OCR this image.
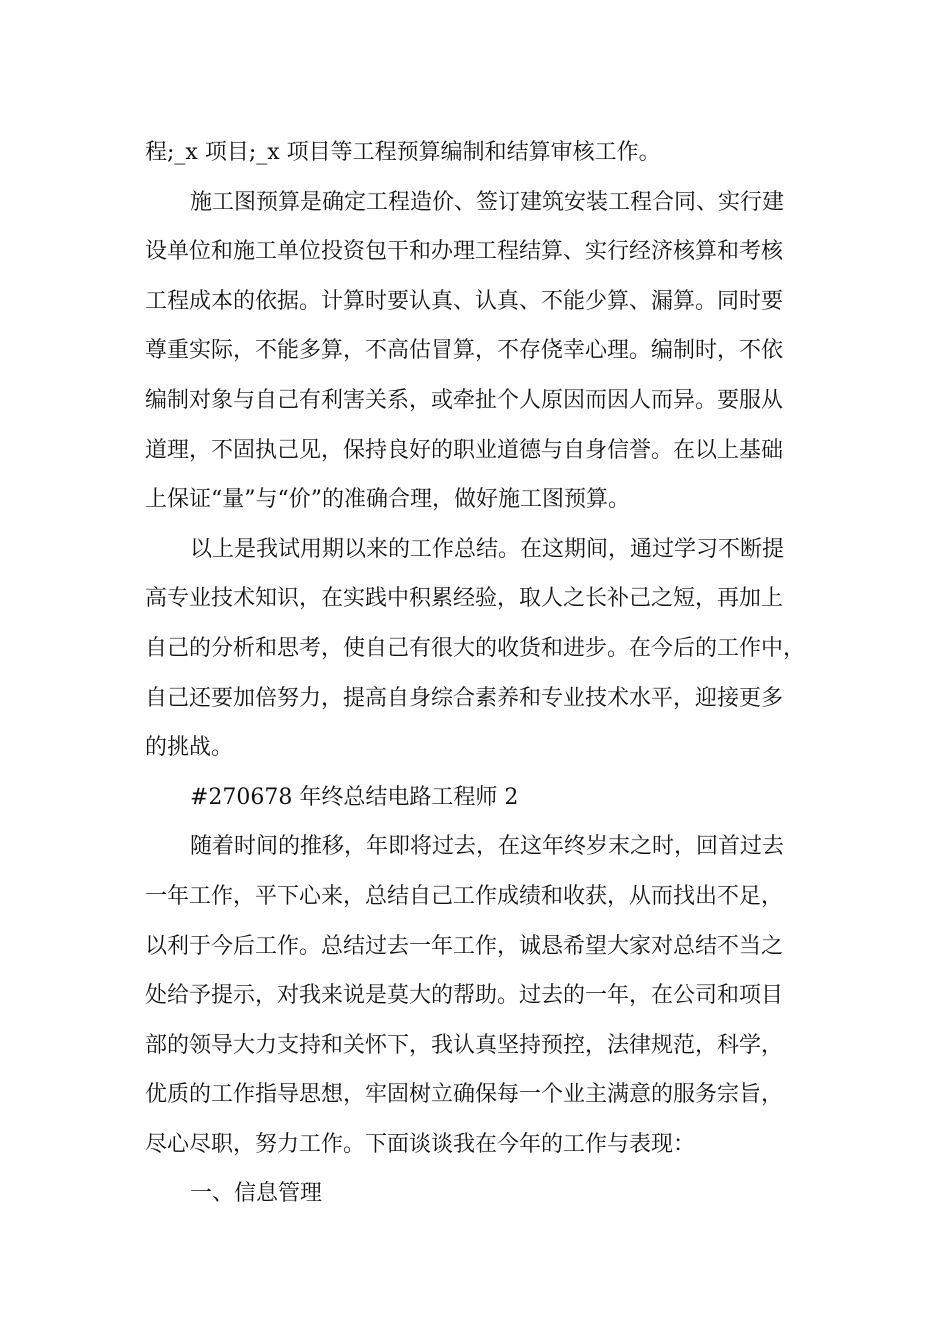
程;_x 项目;_x 项目等工程预算编制和结算审核工作。
施工图预算是确定工程造价、签订建筑安装工程合同、实行建
设单位和施工单位投资包干和办理工程结算、实行经济核算和考核
工程成本的依据。计算时要认真、认真、不能少算、漏算。同时要
尊重实际，不能多算，不高估冒算，不存侥幸心理。编制时，不依
编制对象与自己有利害关系，或牵扯个人原因而因人而异。要服从
道理，不固执己见，保持良好的职业道德与自身信誉。在以上基础
上保证“量”与“价”的准确合理，做好施工图预算。
以上是我试用期以来的工作总结。在这期间，通过学习不断提
高专业技术知识，在实践中积累经验，取人之长补己之短，再加上
自己的分析和思考，使自己有很大的收货和进步。在今后的工作中，
自己还要加倍努力，提高自身综合素养和专业技术水平，迎接更多
的挑战。
#270678 年终总结电路工程师 2
随着时间的推移，年即将过去，在这年终岁末之时，回首过去
一年工作，平下心来，总结自己工作成绩和收获，从而找出不足，
以利于今后工作。总结过去一年工作，诚恳希望大家对总结不当之
处给予提示，对我来说是莫大的帮助。过去的一年，在公司和项目
部的领导大力支持和关怀下，我认真坚持预控，法律规范，科学，
优质的工作指导思想，牢固树立确保每一个业主满意的服务宗旨，
尽心尽职，努力工作。下面谈谈我在今年的工作与表现：
一、信息管理
